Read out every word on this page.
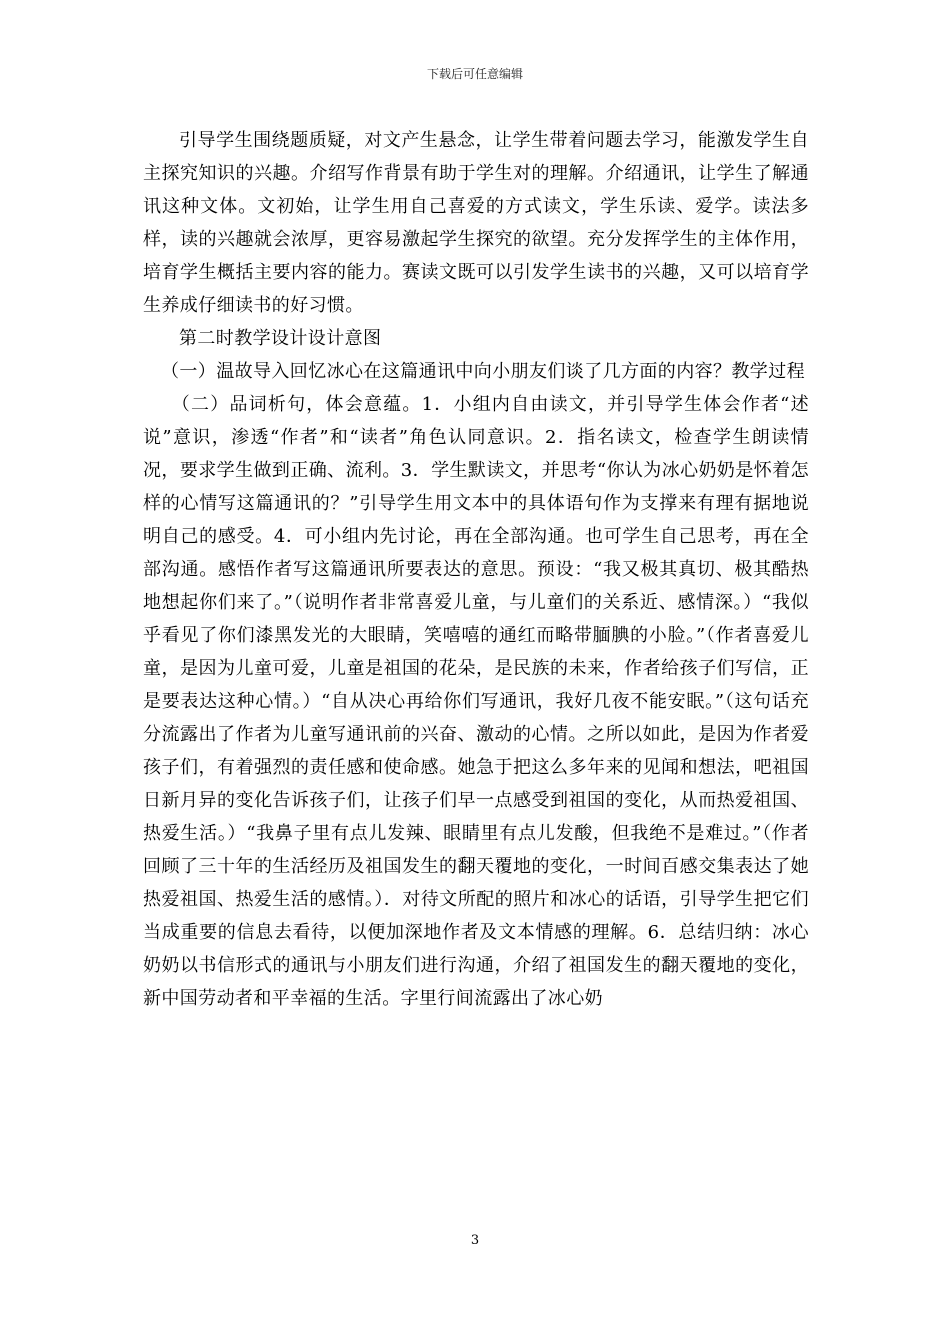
下载后可任意编辑

引导学生围绕题质疑，对文产生悬念，让学生带着问题去学习，能激发学生自主探究知识的兴趣。介绍写作背景有助于学生对的理解。介绍通讯，让学生了解通讯这种文体。文初始，让学生用自己喜爱的方式读文，学生乐读、爱学。读法多样，读的兴趣就会浓厚，更容易激起学生探究的欲望。充分发挥学生的主体作用，培育学生概括主要内容的能力。赛读文既可以引发学生读书的兴趣，又可以培育学生养成仔细读书的好习惯。

第二时教学设计设计意图

（一）温故导入回忆冰心在这篇通讯中向小朋友们谈了几方面的内容？教学过程

（二）品词析句，体会意蕴。1．小组内自由读文，并引导学生体会作者“述说”意识，渗透“作者”和“读者”角色认同意识。2．指名读文，检查学生朗读情况，要求学生做到正确、流利。3．学生默读文，并思考“你认为冰心奶奶是怀着怎样的心情写这篇通讯的？”引导学生用文本中的具体语句作为支撑来有理有据地说明自己的感受。4．可小组内先讨论，再在全部沟通。也可学生自己思考，再在全部沟通。感悟作者写这篇通讯所要表达的意思。预设：“我又极其真切、极其酷热地想起你们来了。”（说明作者非常喜爱儿童，与儿童们的关系近、感情深。）“我似乎看见了你们漆黑发光的大眼睛，笑嘻嘻的通红而略带腼腆的小脸。”（作者喜爱儿童，是因为儿童可爱，儿童是祖国的花朵，是民族的未来，作者给孩子们写信，正是要表达这种心情。）“自从决心再给你们写通讯，我好几夜不能安眠。”（这句话充分流露出了作者为儿童写通讯前的兴奋、激动的心情。之所以如此，是因为作者爱孩子们，有着强烈的责任感和使命感。她急于把这么多年来的见闻和想法，吧祖国日新月异的变化告诉孩子们，让孩子们早一点感受到祖国的变化，从而热爱祖国、热爱生活。）“我鼻子里有点儿发辣、眼睛里有点儿发酸，但我绝不是难过。”（作者回顾了三十年的生活经历及祖国发生的翻天覆地的变化，一时间百感交集表达了她热爱祖国、热爱生活的感情。）．对待文所配的照片和冰心的话语，引导学生把它们当成重要的信息去看待，以便加深地作者及文本情感的理解。6．总结归纳：冰心奶奶以书信形式的通讯与小朋友们进行沟通，介绍了祖国发生的翻天覆地的变化，新中国劳动者和平幸福的生活。字里行间流露出了冰心奶

3
